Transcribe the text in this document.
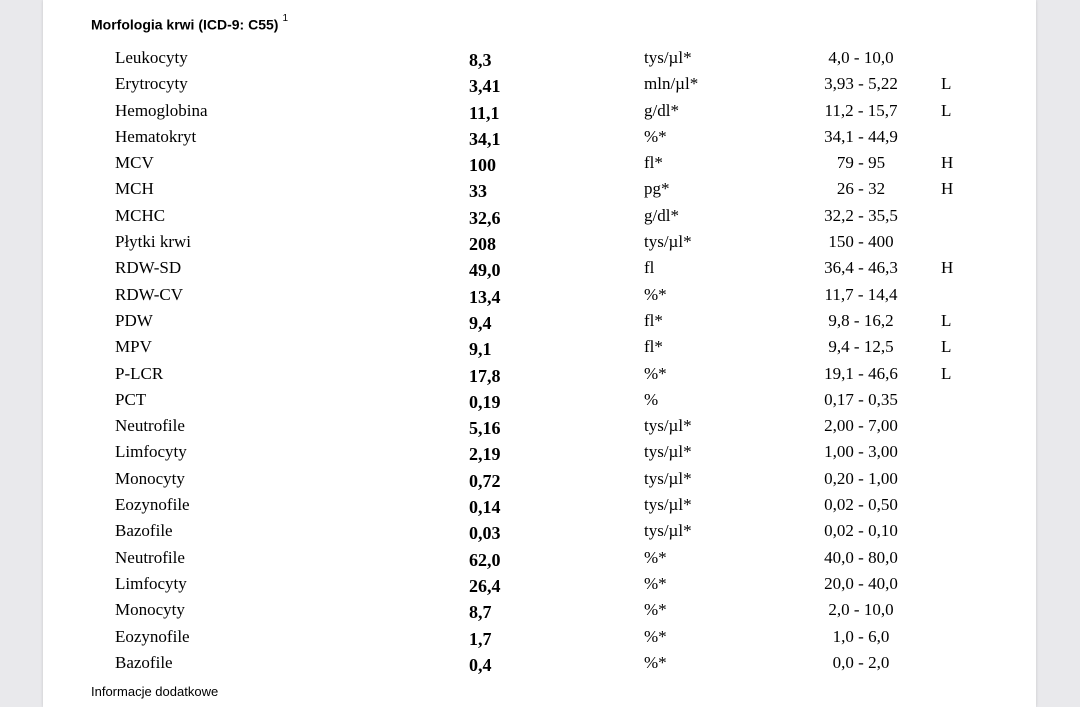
Morfologia krwi (ICD-9: C55) $^1$
Leukocyty	8,3	tys/µl*	4,0 - 10,0
Erytrocyty	3,41	mln/µl*	3,93 - 5,22	L
Hemoglobina	11,1	g/dl*	11,2 - 15,7	L
Hematokryt	34,1	%*	34,1 - 44,9
MCV	100	fl*	79 - 95	H
MCH	33	pg*	26 - 32	H
MCHC	32,6	g/dl*	32,2 - 35,5
Płytki krwi	208	tys/µl*	150 - 400
RDW-SD	49,0	fl	36,4 - 46,3	H
RDW-CV	13,4	%*	11,7 - 14,4
PDW	9,4	fl*	9,8 - 16,2	L
MPV	9,1	fl*	9,4 - 12,5	L
P-LCR	17,8	%*	19,1 - 46,6	L
PCT	0,19	%	0,17 - 0,35
Neutrofile	5,16	tys/µl*	2,00 - 7,00
Limfocyty	2,19	tys/µl*	1,00 - 3,00
Monocyty	0,72	tys/µl*	0,20 - 1,00
Eozynofile	0,14	tys/µl*	0,02 - 0,50
Bazofile	0,03	tys/µl*	0,02 - 0,10
Neutrofile	62,0	%*	40,0 - 80,0
Limfocyty	26,4	%*	20,0 - 40,0
Monocyty	8,7	%*	2,0 - 10,0
Eozynofile	1,7	%*	1,0 - 6,0
Bazofile	0,4	%*	0,0 - 2,0
Informacje dodatkowe
